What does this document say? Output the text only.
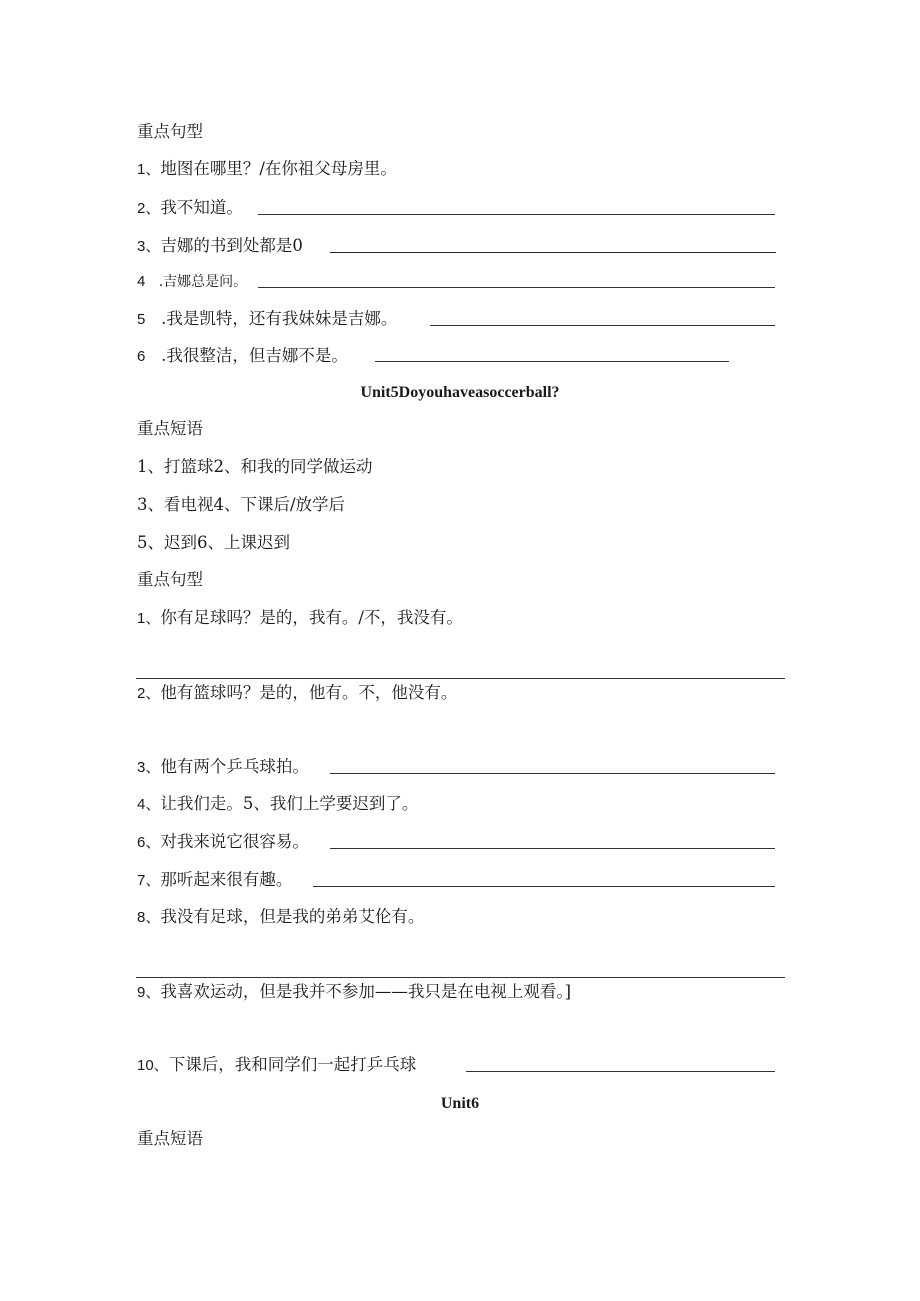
重点句型
1、地图在哪里？/在你祖父母房里。
2、我不知道。
3、吉娜的书到处都是0
4 .吉娜总是问。
5 .我是凯特，还有我妹妹是吉娜。
6 .我很整洁，但吉娜不是。
Unit5Doyouhaveasoccerball?
重点短语
1、打篮球2、和我的同学做运动
3、看电视4、下课后/放学后
5、迟到6、上课迟到
重点句型
1、你有足球吗？是的，我有。/不，我没有。
2、他有篮球吗？是的，他有。不，他没有。
3、他有两个乒乓球拍。
4、让我们走。5、我们上学要迟到了。
6、对我来说它很容易。
7、那听起来很有趣。
8、我没有足球，但是我的弟弟艾伦有。
9、我喜欢运动，但是我并不参加——我只是在电视上观看。]
10、下课后，我和同学们一起打乒乓球
Unit6
重点短语
